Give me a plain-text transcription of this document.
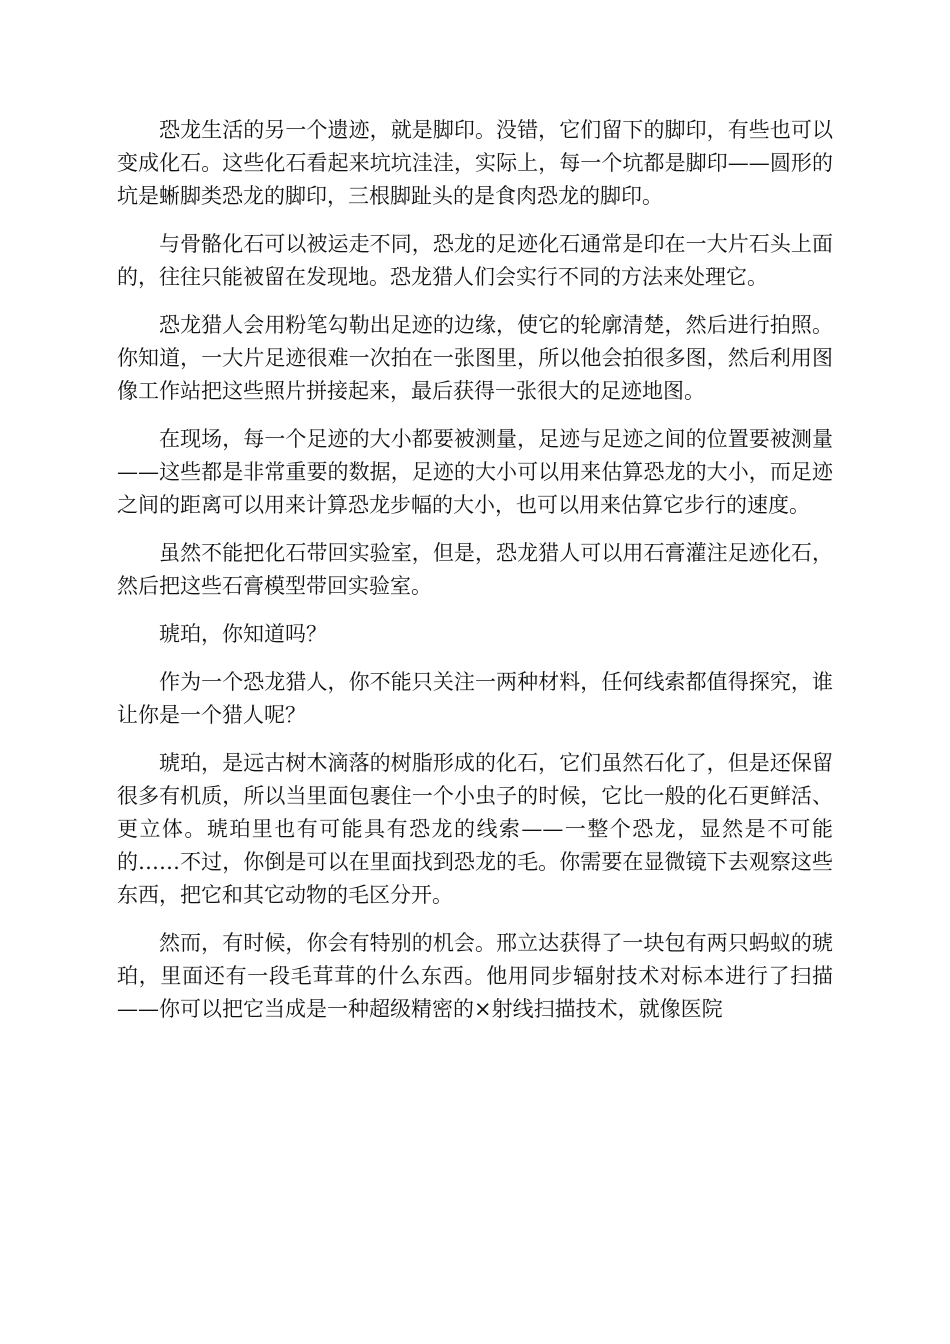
恐龙生活的另一个遗迹，就是脚印。没错，它们留下的脚印，有些也可以变成化石。这些化石看起来坑坑洼洼，实际上，每一个坑都是脚印——圆形的坑是蜥脚类恐龙的脚印，三根脚趾头的是食肉恐龙的脚印。

与骨骼化石可以被运走不同，恐龙的足迹化石通常是印在一大片石头上面的，往往只能被留在发现地。恐龙猎人们会实行不同的方法来处理它。

恐龙猎人会用粉笔勾勒出足迹的边缘，使它的轮廓清楚，然后进行拍照。你知道，一大片足迹很难一次拍在一张图里，所以他会拍很多图，然后利用图像工作站把这些照片拼接起来，最后获得一张很大的足迹地图。

在现场，每一个足迹的大小都要被测量，足迹与足迹之间的位置要被测量——这些都是非常重要的数据，足迹的大小可以用来估算恐龙的大小，而足迹之间的距离可以用来计算恐龙步幅的大小，也可以用来估算它步行的速度。

虽然不能把化石带回实验室，但是，恐龙猎人可以用石膏灌注足迹化石，然后把这些石膏模型带回实验室。

琥珀，你知道吗？

作为一个恐龙猎人，你不能只关注一两种材料，任何线索都值得探究，谁让你是一个猎人呢？

琥珀，是远古树木滴落的树脂形成的化石，它们虽然石化了，但是还保留很多有机质，所以当里面包裹住一个小虫子的时候，它比一般的化石更鲜活、更立体。琥珀里也有可能具有恐龙的线索——一整个恐龙，显然是不可能的……不过，你倒是可以在里面找到恐龙的毛。你需要在显微镜下去观察这些东西，把它和其它动物的毛区分开。

然而，有时候，你会有特别的机会。邢立达获得了一块包有两只蚂蚁的琥珀，里面还有一段毛茸茸的什么东西。他用同步辐射技术对标本进行了扫描——你可以把它当成是一种超级精密的×射线扫描技术，就像医院
